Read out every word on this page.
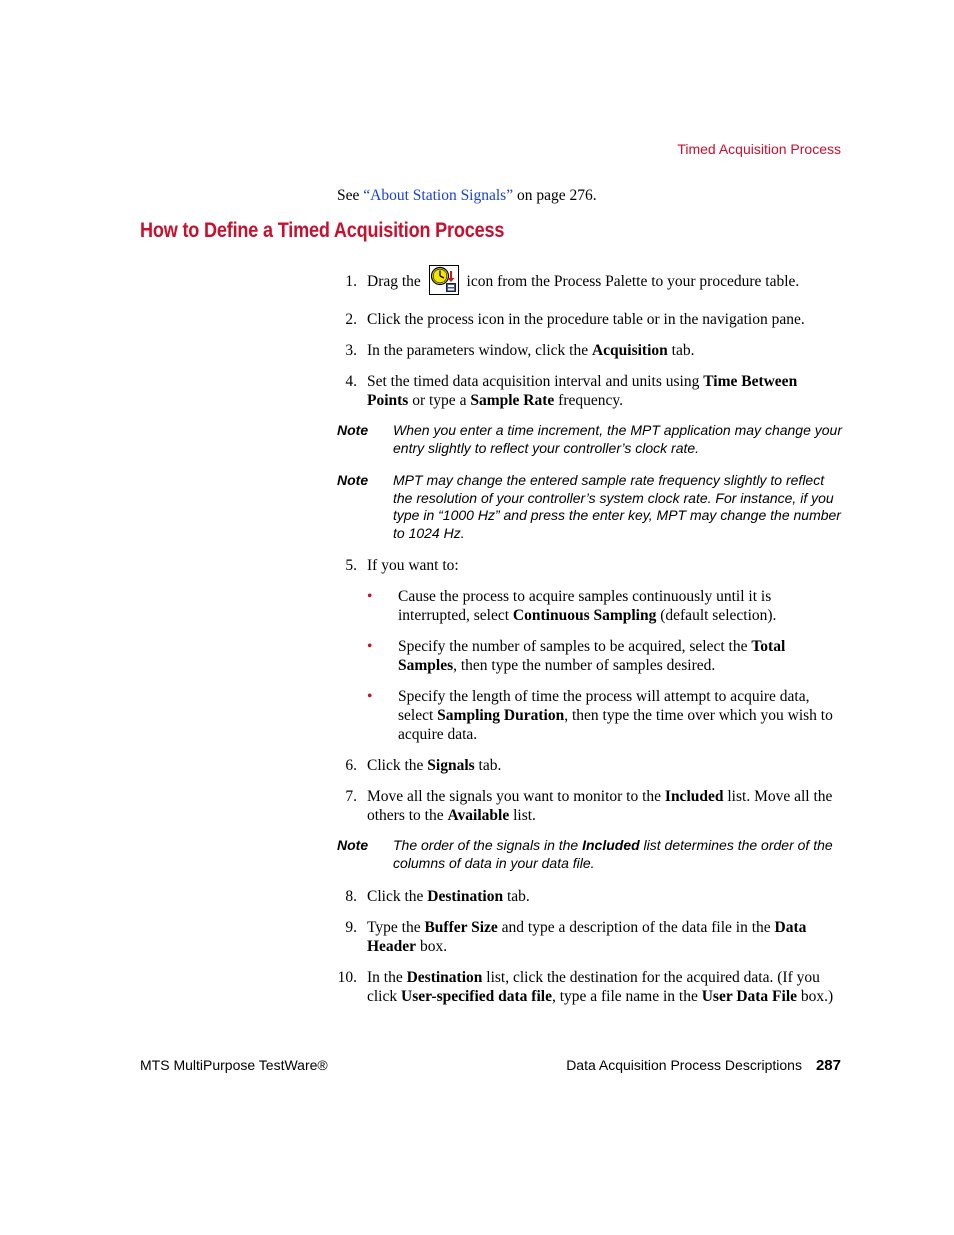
Timed Acquisition Process
See “About Station Signals” on page 276.
How to Define a Timed Acquisition Process
1. Drag the	icon from the Process Palette to your procedure table.
2. Click the process icon in the procedure table or in the navigation pane.
3. In the parameters window, click the Acquisition tab.
4. Set the timed data acquisition interval and units using Time Between Points or type a Sample Rate frequency.
Note When you enter a time increment, the MPT application may change your entry slightly to reflect your controller’s clock rate.
Note MPT may change the entered sample rate frequency slightly to reflect the resolution of your controller’s system clock rate. For instance, if you type in “1000 Hz” and press the enter key, MPT may change the number to 1024 Hz.
5. If you want to:
• Cause the process to acquire samples continuously until it is interrupted, select Continuous Sampling (default selection).
• Specify the number of samples to be acquired, select the Total Samples, then type the number of samples desired.
• Specify the length of time the process will attempt to acquire data, select Sampling Duration, then type the time over which you wish to acquire data.
6. Click the Signals tab.
7. Move all the signals you want to monitor to the Included list. Move all the others to the Available list.
Note The order of the signals in the Included list determines the order of the columns of data in your data file.
8. Click the Destination tab.
9. Type the Buffer Size and type a description of the data file in the Data Header box.
10. In the Destination list, click the destination for the acquired data. (If you click User-specified data file, type a file name in the User Data File box.)
MTS MultiPurpose TestWare®	Data Acquisition Process Descriptions 287
